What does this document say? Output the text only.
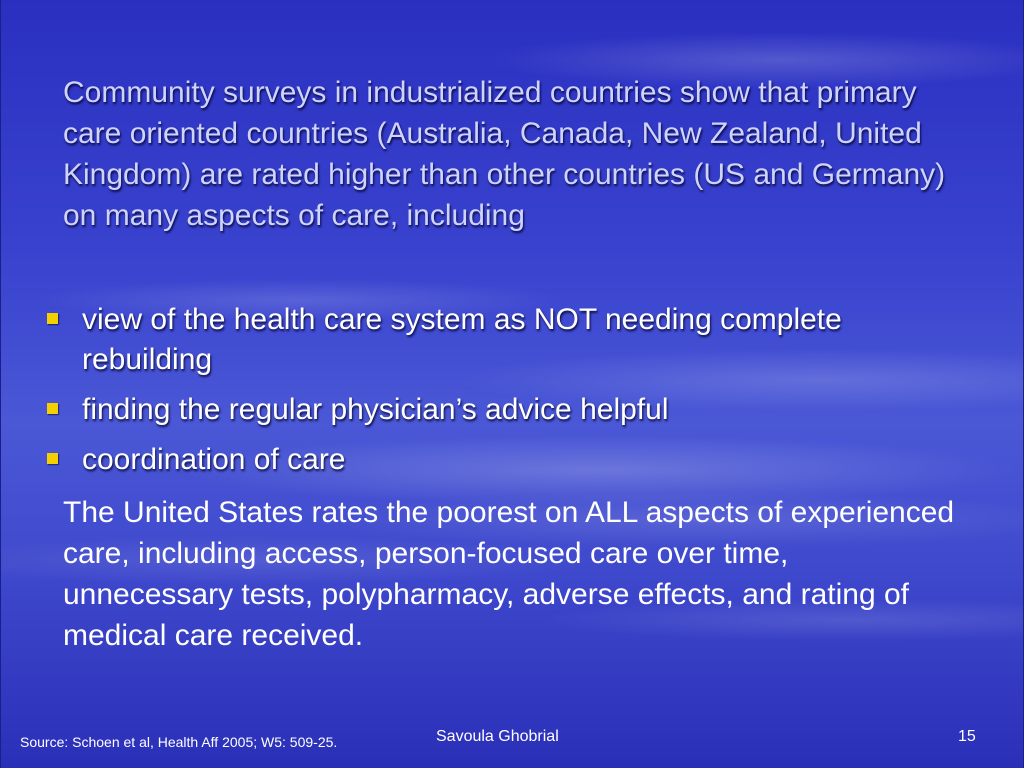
Community surveys in industrialized countries show that primary care oriented countries (Australia, Canada, New Zealand, United Kingdom) are rated higher than other countries (US and Germany) on many aspects of care, including

view of the health care system as NOT needing complete rebuilding
finding the regular physician’s advice helpful
coordination of care

The United States rates the poorest on ALL aspects of experienced care, including access, person-focused care over time, unnecessary tests, polypharmacy, adverse effects, and rating of medical care received.

Source: Schoen et al, Health Aff 2005; W5: 509-25.	Savoula Ghobrial	15
